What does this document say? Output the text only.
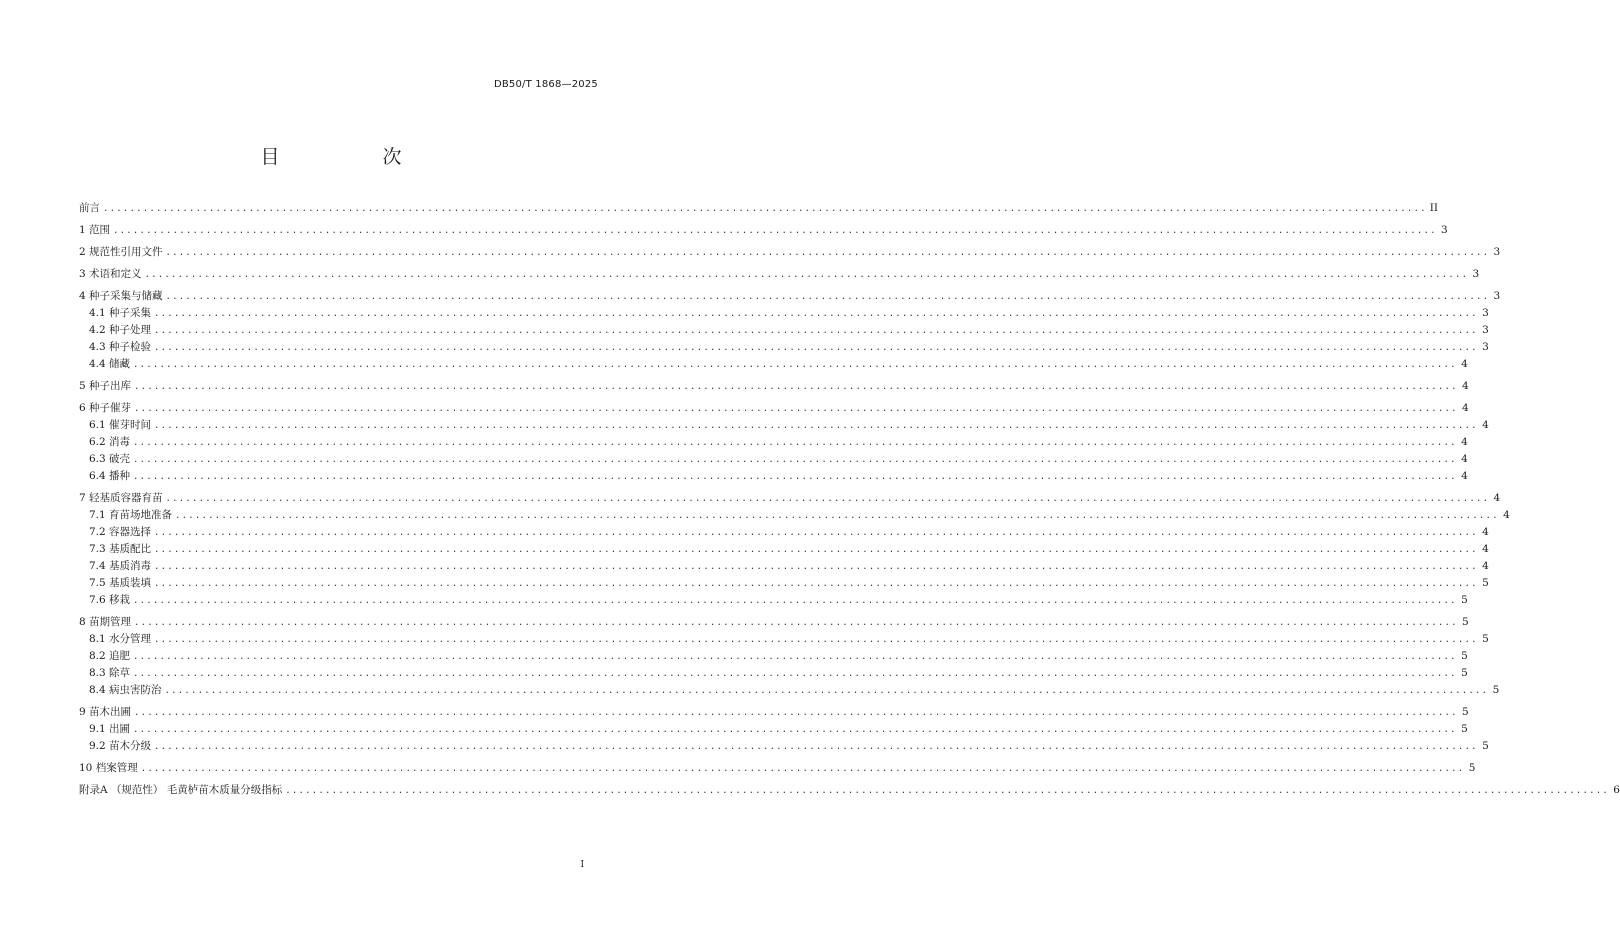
DB50/T 1868—2025
目　次
前言 ........................................................................................................................................................................................................ II
1 范围 ........................................................................................................................................................................................................ 3
2 规范性引用文件 ........................................................................................................................................................................................................ 3
3 术语和定义 ........................................................................................................................................................................................................ 3
4 种子采集与储藏 ........................................................................................................................................................................................................ 3
4.1 种子采集 ........................................................................................................................................................................................................ 3
4.2 种子处理 ........................................................................................................................................................................................................ 3
4.3 种子检验 ........................................................................................................................................................................................................ 3
4.4 储藏 ........................................................................................................................................................................................................ 4
5 种子出库 ........................................................................................................................................................................................................ 4
6 种子催芽 ........................................................................................................................................................................................................ 4
6.1 催芽时间 ........................................................................................................................................................................................................ 4
6.2 消毒 ........................................................................................................................................................................................................ 4
6.3 破壳 ........................................................................................................................................................................................................ 4
6.4 播种 ........................................................................................................................................................................................................ 4
7 轻基质容器育苗 ........................................................................................................................................................................................................ 4
7.1 育苗场地准备 ........................................................................................................................................................................................................ 4
7.2 容器选择 ........................................................................................................................................................................................................ 4
7.3 基质配比 ........................................................................................................................................................................................................ 4
7.4 基质消毒 ........................................................................................................................................................................................................ 4
7.5 基质装填 ........................................................................................................................................................................................................ 5
7.6 移栽 ........................................................................................................................................................................................................ 5
8 苗期管理 ........................................................................................................................................................................................................ 5
8.1 水分管理 ........................................................................................................................................................................................................ 5
8.2 追肥 ........................................................................................................................................................................................................ 5
8.3 除草 ........................................................................................................................................................................................................ 5
8.4 病虫害防治 ........................................................................................................................................................................................................ 5
9 苗木出圃 ........................................................................................................................................................................................................ 5
9.1 出圃 ........................................................................................................................................................................................................ 5
9.2 苗木分级 ........................................................................................................................................................................................................ 5
10 档案管理 ........................................................................................................................................................................................................ 5
附录A （规范性） 毛黄栌苗木质量分级指标 ........................................................................................................................................................................................................ 6
I
